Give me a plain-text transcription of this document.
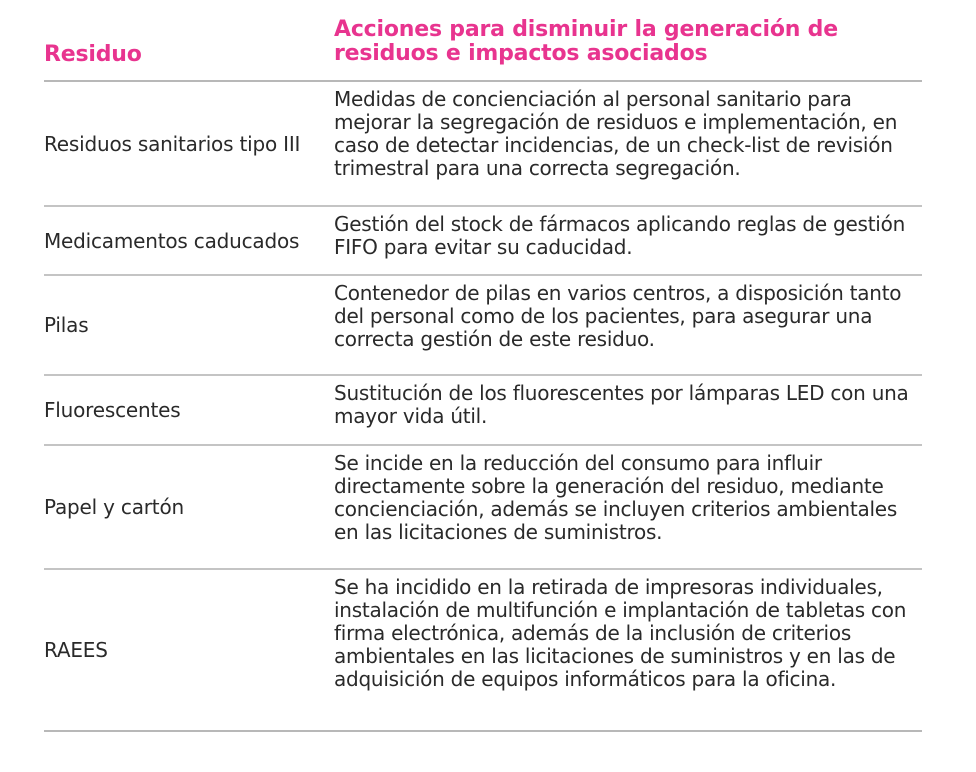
Residuo
Acciones para disminuir la generación de residuos e impactos asociados
Residuos sanitarios tipo III
Medidas de concienciación al personal sanitario para mejorar la segregación de residuos e implementación, en caso de detectar incidencias, de un check-list de revisión trimestral para una correcta segregación.
Medicamentos caducados
Gestión del stock de fármacos aplicando reglas de gestión FIFO para evitar su caducidad.
Pilas
Contenedor de pilas en varios centros, a disposición tanto del personal como de los pacientes, para asegurar una correcta gestión de este residuo.
Fluorescentes
Sustitución de los fluorescentes por lámparas LED con una mayor vida útil.
Papel y cartón
Se incide en la reducción del consumo para influir directamente sobre la generación del residuo, mediante concienciación, además se incluyen criterios ambientales en las licitaciones de suministros.
RAEES
Se ha incidido en la retirada de impresoras individuales, instalación de multifunción e implantación de tabletas con firma electrónica, además de la inclusión de criterios ambientales en las licitaciones de suministros y en las de adquisición de equipos informáticos para la oficina.
